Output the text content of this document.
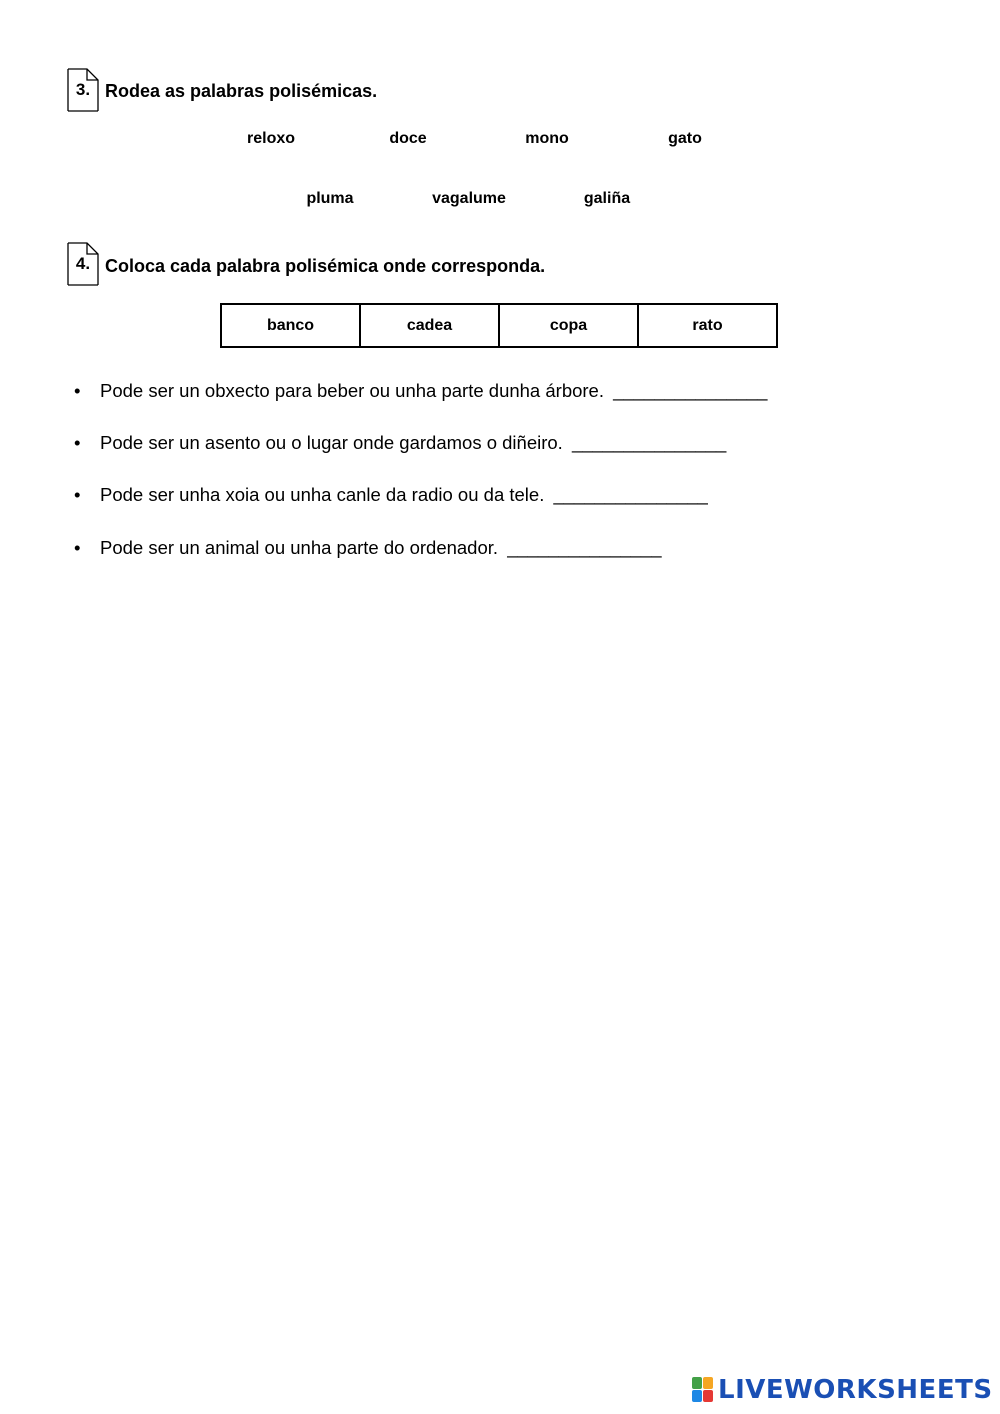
3. Rodea as palabras polisémicas.
reloxo	doce	mono	gato
pluma	vagalume	galiña
4. Coloca cada palabra polisémica onde corresponda.
banco	cadea	copa	rato
• Pode ser un obxecto para beber ou unha parte dunha árbore. _______________
• Pode ser un asento ou o lugar onde gardamos o diñeiro. _______________
• Pode ser unha xoia ou unha canle da radio ou da tele. _______________
• Pode ser un animal ou unha parte do ordenador. _______________
LIVEWORKSHEETS
